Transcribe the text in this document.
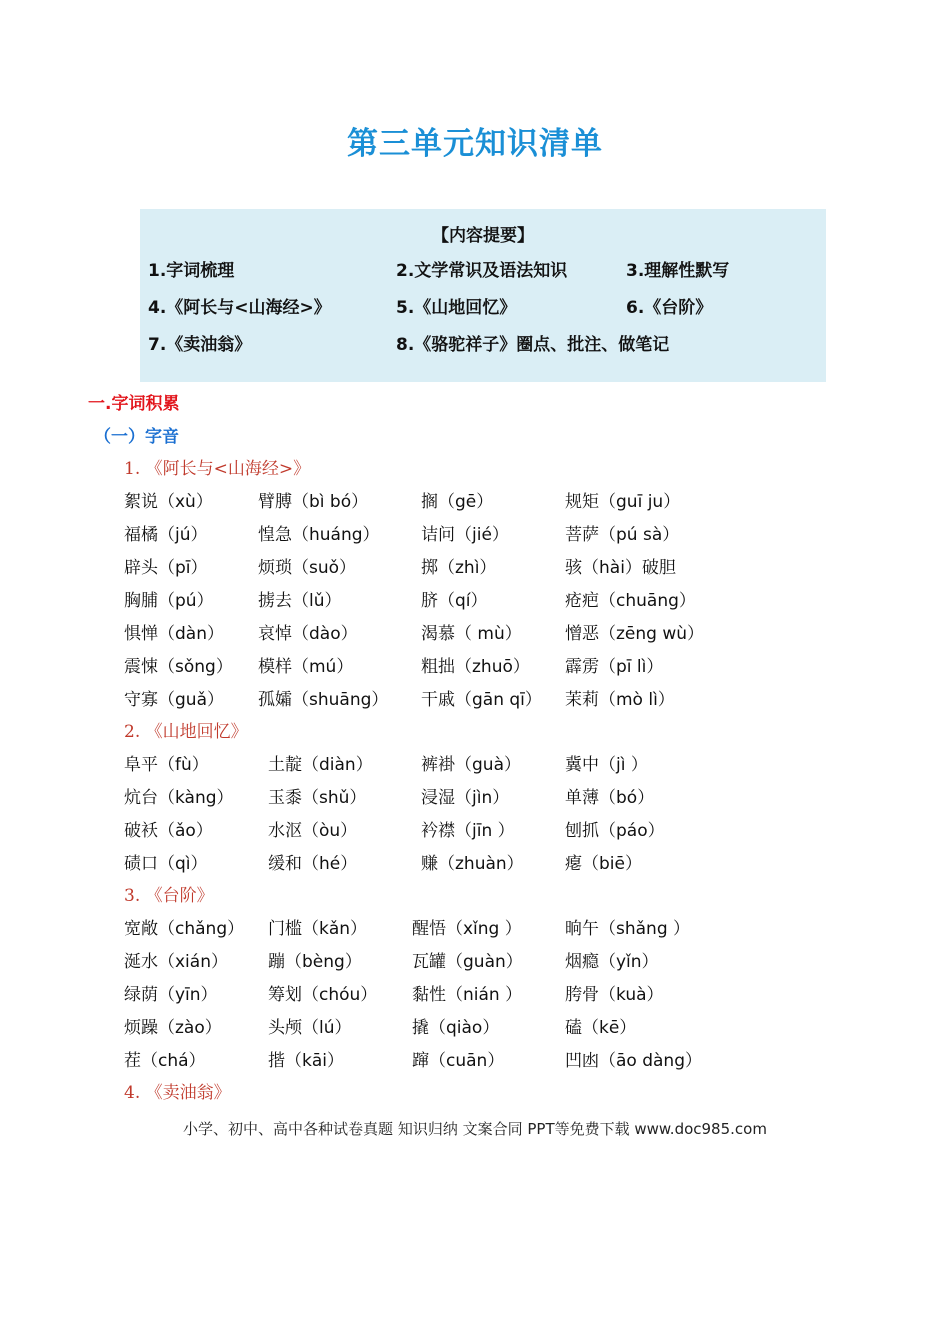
第三单元知识清单
【内容提要】
1.字词梳理	2.文学常识及语法知识	3.理解性默写
4.《阿长与<山海经>》	5.《山地回忆》	6.《台阶》
7.《卖油翁》	8.《骆驼祥子》圈点、批注、做笔记
一.字词积累
（一）字音
1. 《阿长与<山海经>》
絮说（xù）	臂膊（bì bó）	搁（gē）	规矩（guī ju）
福橘（jú）	惶急（huáng） 诘问（jié）	菩萨（pú sà）
辟头（pī）	烦琐（suǒ）	掷（zhì）	骇（hài）破胆
胸脯（pú）	掳去（lǔ）	脐（qí）	疮疤（chuāng）
惧惮（dàn） 哀悼（dào）	渴慕（ mù）	憎恶（zēng wù）
震悚（sǒng） 模样（mú）	粗拙（zhuō） 霹雳（pī lì）
守寡（guǎ） 孤孀（shuāng） 干戚（gān qī） 茉莉（mò lì）
2. 《山地回忆》
阜平（fù）	土靛（diàn）	裤褂（guà）	冀中（jì ）
炕台（kàng） 玉黍（shǔ）	浸湿（jìn）	单薄（bó）
破袄（ǎo）	水沤（òu）	衿襟（jīn ）	刨抓（páo）
碛口（qì）	缓和（hé）	赚（zhuàn） 瘪（biē）
3. 《台阶》
宽敞（chǎng） 门槛（kǎn）	醒悟（xǐng ）	晌午（shǎng ）
涎水（xián） 蹦（bèng）	瓦罐（guàn） 烟瘾（yǐn）
绿荫（yīn）	筹划（chóu） 黏性（nián ）	胯骨（kuà）
烦躁（zào）	头颅（lú）	撬（qiào）	磕（kē）
茬（chá）	揩（kāi）	蹿（cuān）	凹凼（āo dàng）
4. 《卖油翁》
小学、初中、高中各种试卷真题 知识归纳 文案合同 PPT等免费下载 www.doc985.com
